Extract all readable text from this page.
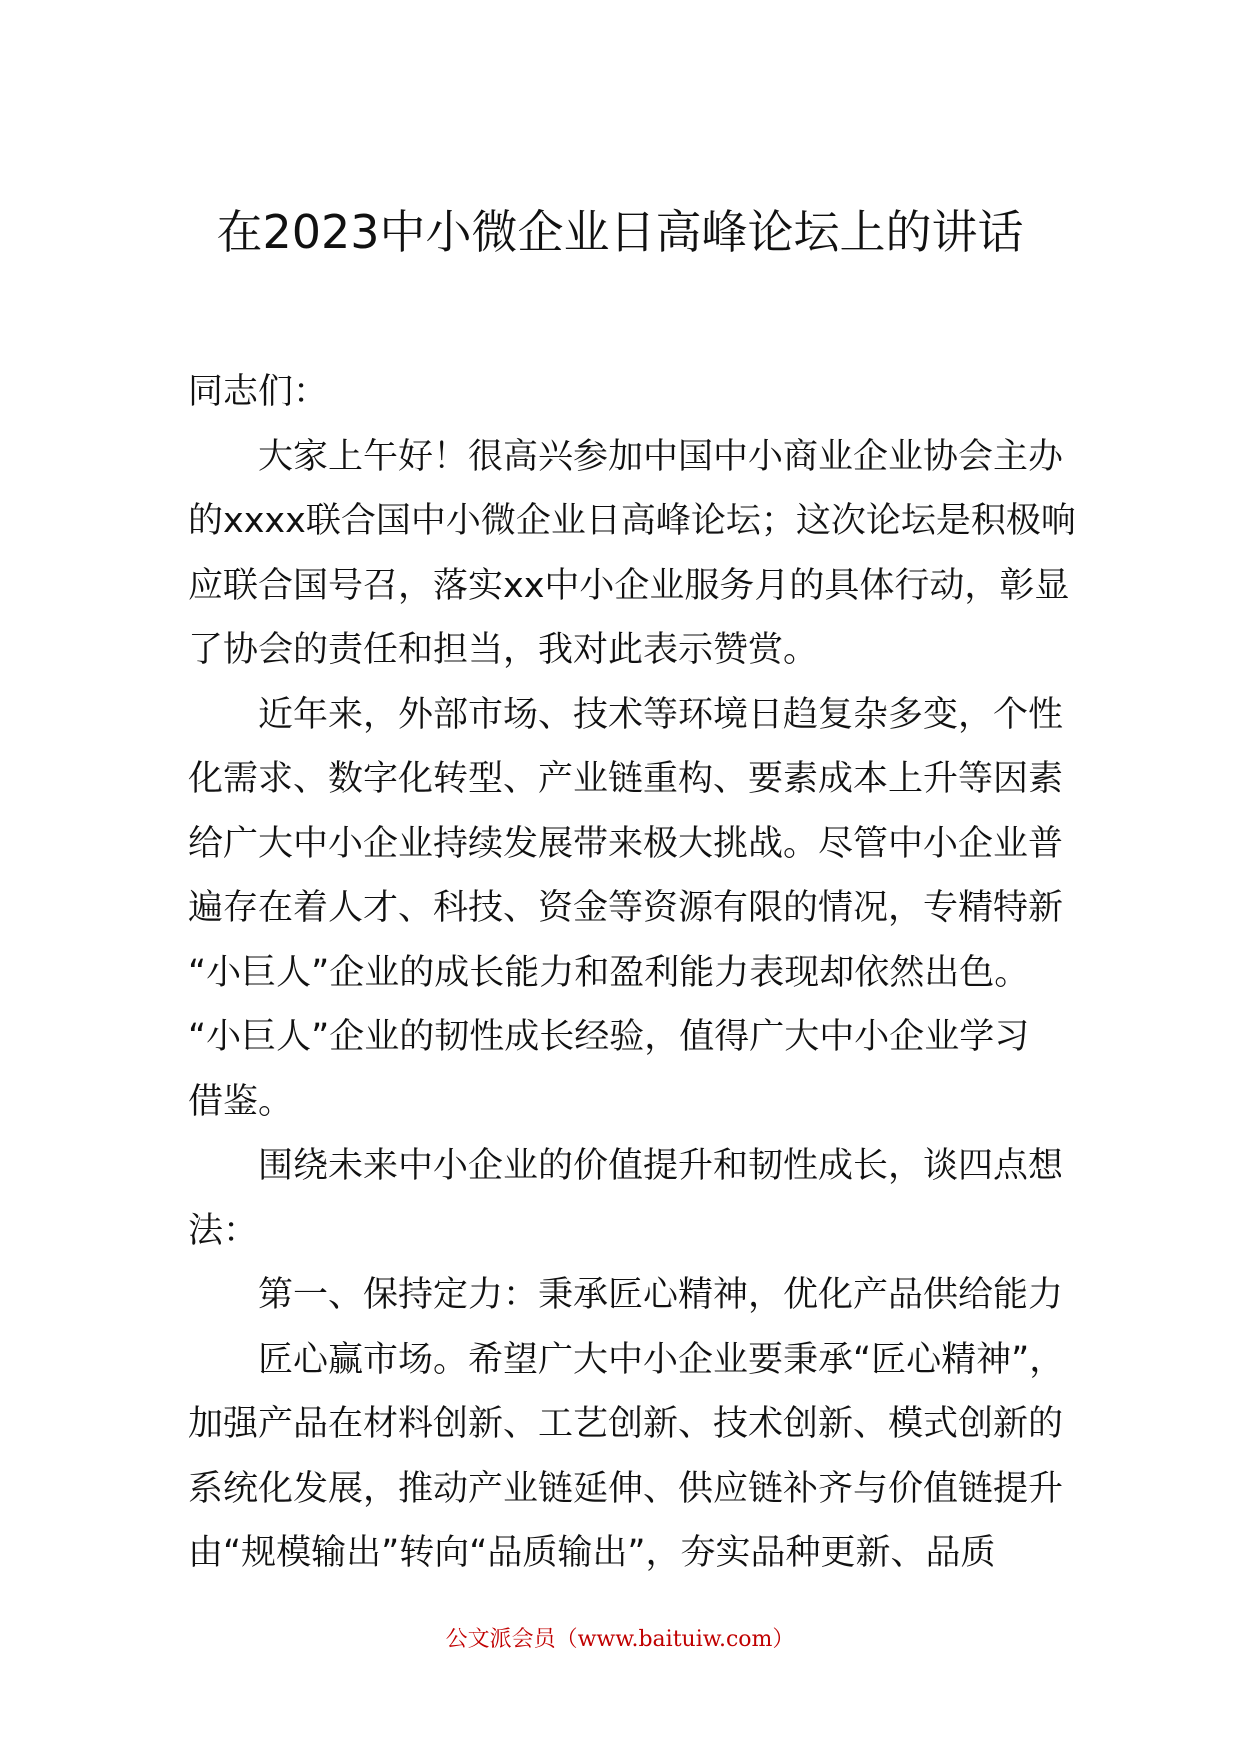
在2023中小微企业日高峰论坛上的讲话

同志们：

大家上午好！很高兴参加中国中小商业企业协会主办

的xxxx联合国中小微企业日高峰论坛；这次论坛是积极响

应联合国号召，落实xx中小企业服务月的具体行动，彰显

了协会的责任和担当，我对此表示赞赏。

近年来，外部市场、技术等环境日趋复杂多变，个性

化需求、数字化转型、产业链重构、要素成本上升等因素

给广大中小企业持续发展带来极大挑战。尽管中小企业普

遍存在着人才、科技、资金等资源有限的情况，专精特新

“小巨人”企业的成长能力和盈利能力表现却依然出色。

“小巨人”企业的韧性成长经验，值得广大中小企业学习

借鉴。

围绕未来中小企业的价值提升和韧性成长，谈四点想

法：

第一、保持定力：秉承匠心精神，优化产品供给能力

匠心赢市场。希望广大中小企业要秉承“匠心精神”，

加强产品在材料创新、工艺创新、技术创新、模式创新的

系统化发展，推动产业链延伸、供应链补齐与价值链提升

由“规模输出”转向“品质输出”，夯实品种更新、品质

公文派会员（www.baituiw.com）
